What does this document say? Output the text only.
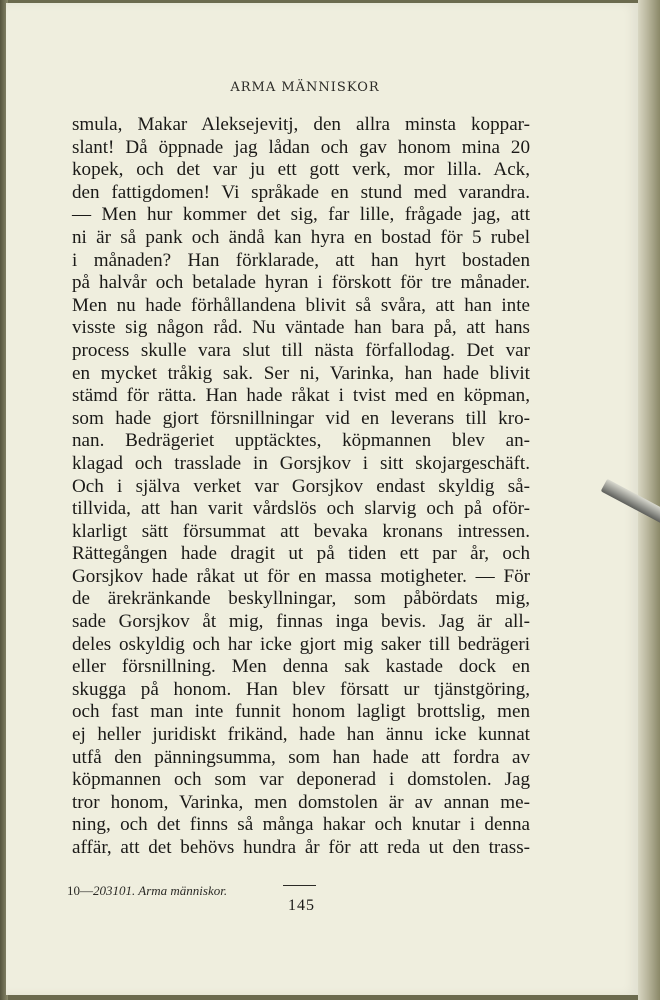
ARMA MÄNNISKOR
smula, Makar Aleksejevitj, den allra minsta koppar-
slant! Då öppnade jag lådan och gav honom mina 20
kopek, och det var ju ett gott verk, mor lilla. Ack,
den fattigdomen! Vi språkade en stund med varandra.
— Men hur kommer det sig, far lille, frågade jag, att
ni är så pank och ändå kan hyra en bostad för 5 rubel
i månaden? Han förklarade, att han hyrt bostaden
på halvår och betalade hyran i förskott för tre månader.
Men nu hade förhållandena blivit så svåra, att han inte
visste sig någon råd. Nu väntade han bara på, att hans
process skulle vara slut till nästa förfallodag. Det var
en mycket tråkig sak. Ser ni, Varinka, han hade blivit
stämd för rätta. Han hade råkat i tvist med en köpman,
som hade gjort försnillningar vid en leverans till kro-
nan. Bedrägeriet upptäcktes, köpmannen blev an-
klagad och trasslade in Gorsjkov i sitt skojargeschäft.
Och i själva verket var Gorsjkov endast skyldig så-
tillvida, att han varit vårdslös och slarvig och på oför-
klarligt sätt försummat att bevaka kronans intressen.
Rättegången hade dragit ut på tiden ett par år, och
Gorsjkov hade råkat ut för en massa motigheter. — För
de ärekränkande beskyllningar, som påbördats mig,
sade Gorsjkov åt mig, finnas inga bevis. Jag är all-
deles oskyldig och har icke gjort mig saker till bedrägeri
eller försnillning. Men denna sak kastade dock en
skugga på honom. Han blev försatt ur tjänstgöring,
och fast man inte funnit honom lagligt brottslig, men
ej heller juridiskt frikänd, hade han ännu icke kunnat
utfå den pänningsumma, som han hade att fordra av
köpmannen och som var deponerad i domstolen. Jag
tror honom, Varinka, men domstolen är av annan me-
ning, och det finns så många hakar och knutar i denna
affär, att det behövs hundra år för att reda ut den trass-
10—203101. Arma människor.
145
